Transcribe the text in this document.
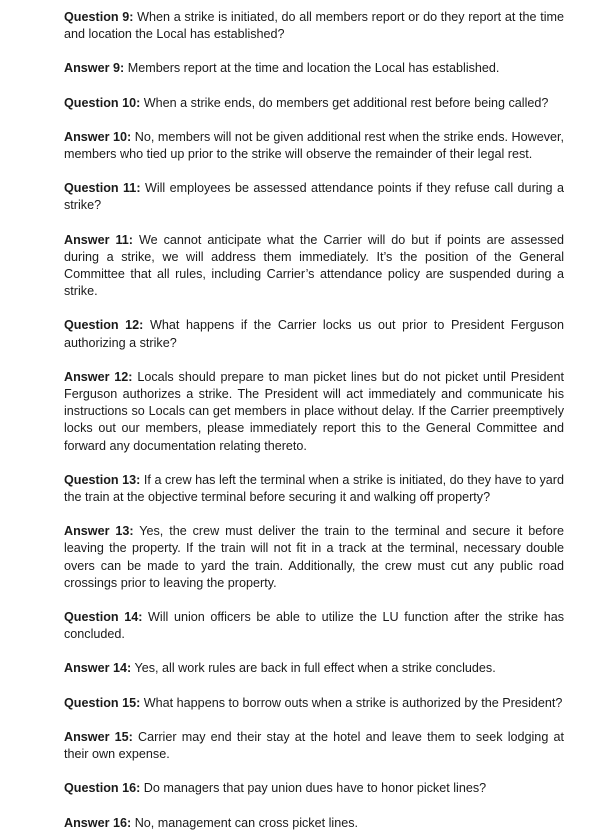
Question 9: When a strike is initiated, do all members report or do they report at the time and location the Local has established?

Answer 9: Members report at the time and location the Local has established.

Question 10: When a strike ends, do members get additional rest before being called?

Answer 10: No, members will not be given additional rest when the strike ends. However, members who tied up prior to the strike will observe the remainder of their legal rest.

Question 11: Will employees be assessed attendance points if they refuse call during a strike?

Answer 11: We cannot anticipate what the Carrier will do but if points are assessed during a strike, we will address them immediately. It’s the position of the General Committee that all rules, including Carrier’s attendance policy are suspended during a strike.

Question 12: What happens if the Carrier locks us out prior to President Ferguson authorizing a strike?

Answer 12: Locals should prepare to man picket lines but do not picket until President Ferguson authorizes a strike. The President will act immediately and communicate his instructions so Locals can get members in place without delay. If the Carrier preemptively locks out our members, please immediately report this to the General Committee and forward any documentation relating thereto.

Question 13: If a crew has left the terminal when a strike is initiated, do they have to yard the train at the objective terminal before securing it and walking off property?

Answer 13: Yes, the crew must deliver the train to the terminal and secure it before leaving the property. If the train will not fit in a track at the terminal, necessary double overs can be made to yard the train. Additionally, the crew must cut any public road crossings prior to leaving the property.

Question 14: Will union officers be able to utilize the LU function after the strike has concluded.

Answer 14: Yes, all work rules are back in full effect when a strike concludes.

Question 15: What happens to borrow outs when a strike is authorized by the President?

Answer 15: Carrier may end their stay at the hotel and leave them to seek lodging at their own expense.

Question 16: Do managers that pay union dues have to honor picket lines?

Answer 16: No, management can cross picket lines.
